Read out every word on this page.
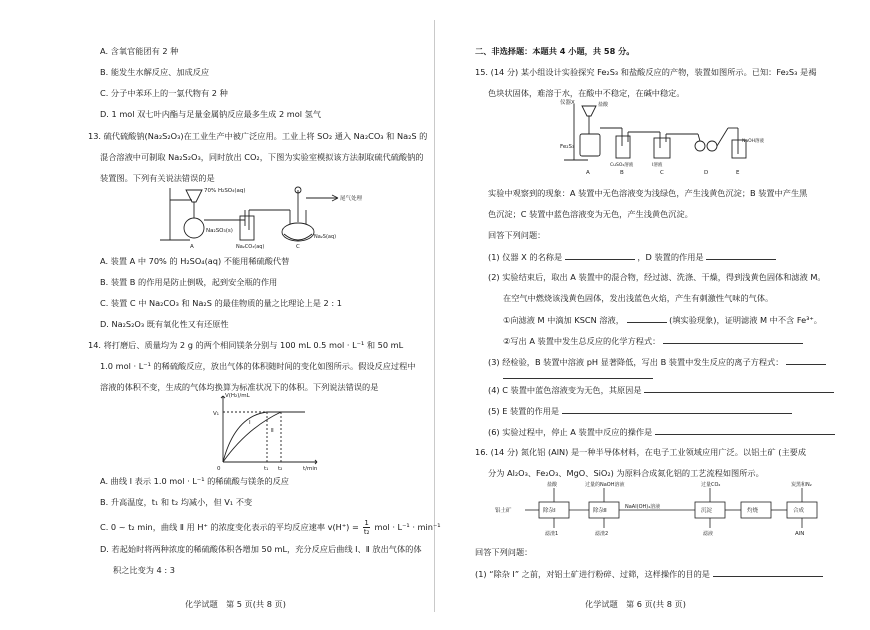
A. 含氧官能团有 2 种
B. 能发生水解反应、加成反应
C. 分子中苯环上的一氯代物有 2 种
D. 1 mol 双七叶内酯与足量金属钠反应最多生成 2 mol 氢气
13. 硫代硫酸钠(Na₂S₂O₃)在工业生产中被广泛应用。工业上将 SO₂ 通入 Na₂CO₃ 和 Na₂S 的
混合溶液中可制取 Na₂S₂O₃，同时放出 CO₂，下图为实验室模拟该方法制取硫代硫酸钠的
装置图。下列有关说法错误的是
70% H₂SO₄(aq)
Na₂SO₃(s)
Na₂CO₃(aq)
Na₂S(aq)
尾气处理
A	C
A. 装置 A 中 70% 的 H₂SO₄(aq) 不能用稀硫酸代替
B. 装置 B 的作用是防止倒吸，起到安全瓶的作用
C. 装置 C 中 Na₂CO₃ 和 Na₂S 的最佳物质的量之比理论上是 2 : 1
D. Na₂S₂O₃ 既有氧化性又有还原性
14. 将打磨后、质量均为 2 g 的两个相同镁条分别与 100 mL 0.5 mol · L⁻¹ 和 50 mL
1.0 mol · L⁻¹ 的稀硫酸反应，放出气体的体积随时间的变化如图所示。假设反应过程中
溶液的体积不变，生成的气体均换算为标准状况下的体积。下列说法错误的是
V(H₂)/mL
t/min
V₁
0	t₁ t₂
Ⅰ
Ⅱ
A. 曲线 Ⅰ 表示 1.0 mol · L⁻¹ 的稀硫酸与镁条的反应
B. 升高温度，t₁ 和 t₂ 均减小，但 V₁ 不变
C. 0 ~ t₂ min，曲线 Ⅱ 用 H⁺ 的浓度变化表示的平均反应速率 $v(H^+) = \frac{1}{\text{t₂}}$ mol · L⁻¹ · min⁻¹
D. 若起始时将两种浓度的稀硫酸体积各增加 50 mL，充分反应后曲线 Ⅰ、Ⅱ 放出气体的体
积之比变为 4 : 3
化学试题　第 5 页(共 8 页)
二、非选择题：本题共 4 小题，共 58 分。
15. (14 分) 某小组设计实验探究 Fe₂S₃ 和盐酸反应的产物，装置如图所示。已知：Fe₂S₃ 是褐
色块状固体，难溶于水，在酸中不稳定，在碱中稳定。
仪器X	盐酸
Fe₂S₃
CuSO₄溶液	I溶液
NaOH溶液
A	B	C	D	E
实验中观察到的现象：A 装置中无色溶液变为浅绿色，产生浅黄色沉淀；B 装置中产生黑
色沉淀；C 装置中蓝色溶液变为无色，产生浅黄色沉淀。
回答下列问题：
(1) 仪器 X 的名称是	，D 装置的作用是
(2) 实验结束后，取出 A 装置中的混合物，经过滤、洗涤、干燥，得到浅黄色固体和滤液 M。
在空气中燃烧该浅黄色固体，发出浅蓝色火焰，产生有刺激性气味的气体。
①向滤液 M 中滴加 KSCN 溶液，	(填实验现象)，证明滤液 M 中不含 Fe³⁺。
②写出 A 装置中发生总反应的化学方程式：
(3) 经检验，B 装置中溶液 pH 显著降低，写出 B 装置中发生反应的离子方程式：
(4) C 装置中蓝色溶液变为无色，其原因是
(5) E 装置的作用是
(6) 实验过程中，停止 A 装置中反应的操作是
16. (14 分) 氮化铝 (AlN) 是一种半导体材料，在电子工业领域应用广泛。以铝土矿 (主要成
分为 Al₂O₃、Fe₂O₃、MgO、SiO₂) 为原料合成氮化铝的工艺流程如图所示。
铝土矿	除杂Ⅰ	除杂Ⅱ	沉淀	灼烧	合成
盐酸	过量的NaOH溶液	过量CO₂	炭黑和N₂
NaAl(OH)₄溶液
滤渣1	滤渣2	滤液	AlN
回答下列问题：
(1) “除杂 Ⅰ” 之前，对铝土矿进行粉碎、过筛，这样操作的目的是
化学试题　第 6 页(共 8 页)
